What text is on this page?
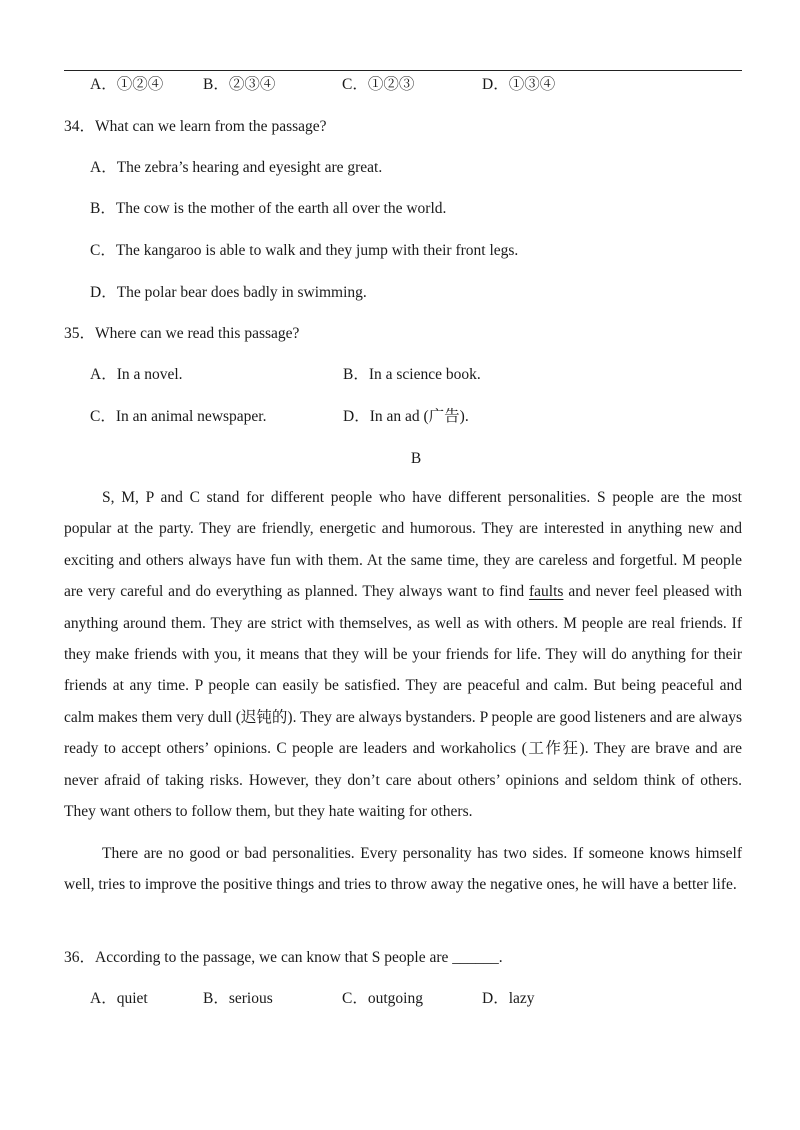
A．①②④	B．②③④	C．①②③	D．①③④
34．What can we learn from the passage?
A．The zebra’s hearing and eyesight are great.
B．The cow is the mother of the earth all over the world.
C．The kangaroo is able to walk and they jump with their front legs.
D．The polar bear does badly in swimming.
35．Where can we read this passage?
A．In a novel.	B．In a science book.
C．In an animal newspaper.	D．In an ad (广告).
B
S, M, P and C stand for different people who have different personalities. S people are the most popular at the party. They are friendly, energetic and humorous. They are interested in anything new and exciting and others always have fun with them. At the same time, they are careless and forgetful. M people are very careful and do everything as planned. They always want to find faults and never feel pleased with anything around them. They are strict with themselves, as well as with others. M people are real friends. If they make friends with you, it means that they will be your friends for life. They will do anything for their friends at any time. P people can easily be satisfied. They are peaceful and calm. But being peaceful and calm makes them very dull (迟钝的). They are always bystanders. P people are good listeners and are always ready to accept others’ opinions. C people are leaders and workaholics (工作狂). They are brave and are never afraid of taking risks. However, they don’t care about others’ opinions and seldom think of others. They want others to follow them, but they hate waiting for others.
There are no good or bad personalities. Every personality has two sides. If someone knows himself well, tries to improve the positive things and tries to throw away the negative ones, he will have a better life.
36．According to the passage, we can know that S people are ______.
A．quiet	B．serious	C．outgoing	D．lazy
